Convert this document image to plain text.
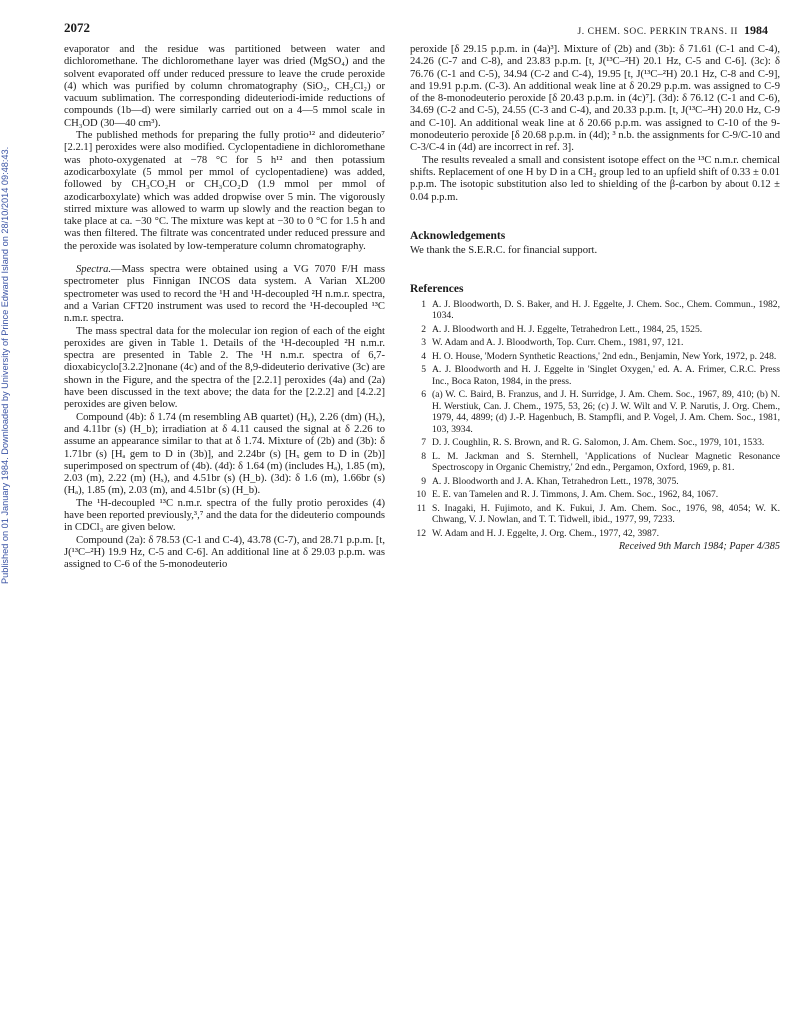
2072	J. CHEM. SOC. PERKIN TRANS. II 1984
Published on 01 January 1984. Downloaded by University of Prince Edward Island on 28/10/2014 09:48:43.

evaporator and the residue was partitioned between water and dichloromethane. The dichloromethane layer was dried (MgSO₄) and the solvent evaporated off under reduced pressure to leave the crude peroxide (4) which was purified by column chromatography (SiO₂, CH₂Cl₂) or vacuum sublimation. The corresponding dideuteriodi-imide reductions of compounds (1b—d) were similarly carried out on a 4—5 mmol scale in CH₃OD (30—40 cm³).

The published methods for preparing the fully protio¹² and dideuterio⁷ [2.2.1] peroxides were also modified. Cyclopentadiene in dichloromethane was photo-oxygenated at −78 °C for 5 h¹² and then potassium azodicarboxylate (5 mmol per mmol of cyclopentadiene) was added, followed by CH₃CO₂H or CH₃CO₂D (1.9 mmol per mmol of azodicarboxylate) which was added dropwise over 5 min. The vigorously stirred mixture was allowed to warm up slowly and the reaction began to take place at ca. −30 °C. The mixture was kept at −30 to 0 °C for 1.5 h and was then filtered. The filtrate was concentrated under reduced pressure and the peroxide was isolated by low-temperature column chromatography.

Spectra.—Mass spectra were obtained using a VG 7070 F/H mass spectrometer plus Finnigan INCOS data system. A Varian XL200 spectrometer was used to record the ¹H and ¹H-decoupled ²H n.m.r. spectra, and a Varian CFT20 instrument was used to record the ¹H-decoupled ¹³C n.m.r. spectra.

The mass spectral data for the molecular ion region of each of the eight peroxides are given in Table 1. Details of the ¹H-decoupled ²H n.m.r. spectra are presented in Table 2. The ¹H n.m.r. spectra of 6,7-dioxabicyclo[3.2.2]nonane (4c) and of the 8,9-dideuterio derivative (3c) are shown in the Figure, and the spectra of the [2.2.1] peroxides (4a) and (2a) have been discussed in the text above; the data for the [2.2.2] and [4.2.2] peroxides are given below.

Compound (4b): δ 1.74 (m resembling AB quartet) (Hₐ), 2.26 (dm) (Hₓ), and 4.11br (s) (H_b); irradiation at δ 4.11 caused the signal at δ 2.26 to assume an appearance similar to that at δ 1.74. Mixture of (2b) and (3b): δ 1.71br (s) [Hₐ gem to D in (3b)], and 2.24br (s) [Hₓ gem to D in (2b)] superimposed on spectrum of (4b). (4d): δ 1.64 (m) (includes Hₐ), 1.85 (m), 2.03 (m), 2.22 (m) (Hₓ), and 4.51br (s) (H_b). (3d): δ 1.6 (m), 1.66br (s) (Hₐ), 1.85 (m), 2.03 (m), and 4.51br (s) (H_b).

The ¹H-decoupled ¹³C n.m.r. spectra of the fully protio peroxides (4) have been reported previously,³,⁷ and the data for the dideuterio compounds in CDCl₃ are given below.

Compound (2a): δ 78.53 (C-1 and C-4), 43.78 (C-7), and 28.71 p.p.m. [t, J(¹³C–²H) 19.9 Hz, C-5 and C-6]. An additional line at δ 29.03 p.p.m. was assigned to C-6 of the 5-monodeuterio

peroxide [δ 29.15 p.p.m. in (4a)³]. Mixture of (2b) and (3b): δ 71.61 (C-1 and C-4), 24.26 (C-7 and C-8), and 23.83 p.p.m. [t, J(¹³C–²H) 20.1 Hz, C-5 and C-6]. (3c): δ 76.76 (C-1 and C-5), 34.94 (C-2 and C-4), 19.95 [t, J(¹³C–²H) 20.1 Hz, C-8 and C-9], and 19.91 p.p.m. (C-3). An additional weak line at δ 20.29 p.p.m. was assigned to C-9 of the 8-monodeuterio peroxide [δ 20.43 p.p.m. in (4c)⁷]. (3d): δ 76.12 (C-1 and C-6), 34.69 (C-2 and C-5), 24.55 (C-3 and C-4), and 20.33 p.p.m. [t, J(¹³C–²H) 20.0 Hz, C-9 and C-10]. An additional weak line at δ 20.66 p.p.m. was assigned to C-10 of the 9-monodeuterio peroxide [δ 20.68 p.p.m. in (4d); ³ n.b. the assignments for C-9/C-10 and C-3/C-4 in (4d) are incorrect in ref. 3].

The results revealed a small and consistent isotope effect on the ¹³C n.m.r. chemical shifts. Replacement of one H by D in a CH₂ group led to an upfield shift of 0.33 ± 0.01 p.p.m. The isotopic substitution also led to shielding of the β-carbon by about 0.12 ± 0.04 p.p.m.

Acknowledgements

We thank the S.E.R.C. for financial support.

References
1 A. J. Bloodworth, D. S. Baker, and H. J. Eggelte, J. Chem. Soc., Chem. Commun., 1982, 1034.
2 A. J. Bloodworth and H. J. Eggelte, Tetrahedron Lett., 1984, 25, 1525.
3 W. Adam and A. J. Bloodworth, Top. Curr. Chem., 1981, 97, 121.
4 H. O. House, 'Modern Synthetic Reactions,' 2nd edn., Benjamin, New York, 1972, p. 248.
5 A. J. Bloodworth and H. J. Eggelte in 'Singlet Oxygen,' ed. A. A. Frimer, C.R.C. Press Inc., Boca Raton, 1984, in the press.
6 (a) W. C. Baird, B. Franzus, and J. H. Surridge, J. Am. Chem. Soc., 1967, 89, 410; (b) N. H. Werstiuk, Can. J. Chem., 1975, 53, 26; (c) J. W. Wilt and V. P. Narutis, J. Org. Chem., 1979, 44, 4899; (d) J.-P. Hagenbuch, B. Stampfli, and P. Vogel, J. Am. Chem. Soc., 1981, 103, 3934.
7 D. J. Coughlin, R. S. Brown, and R. G. Salomon, J. Am. Chem. Soc., 1979, 101, 1533.
8 L. M. Jackman and S. Sternhell, 'Applications of Nuclear Magnetic Resonance Spectroscopy in Organic Chemistry,' 2nd edn., Pergamon, Oxford, 1969, p. 81.
9 A. J. Bloodworth and J. A. Khan, Tetrahedron Lett., 1978, 3075.
10 E. E. van Tamelen and R. J. Timmons, J. Am. Chem. Soc., 1962, 84, 1067.
11 S. Inagaki, H. Fujimoto, and K. Fukui, J. Am. Chem. Soc., 1976, 98, 4054; W. K. Chwang, V. J. Nowlan, and T. T. Tidwell, ibid., 1977, 99, 7233.
12 W. Adam and H. J. Eggelte, J. Org. Chem., 1977, 42, 3987.

Received 9th March 1984; Paper 4/385
